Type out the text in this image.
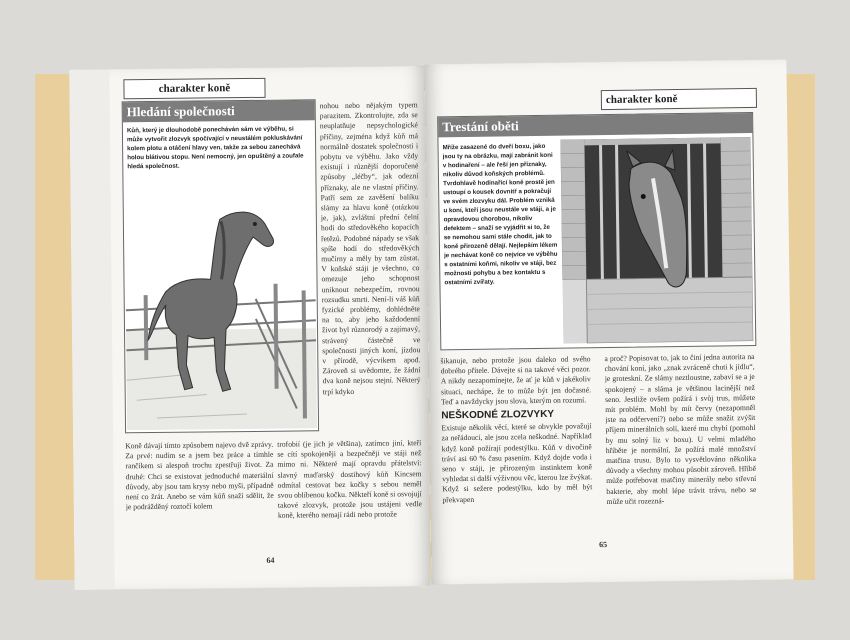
charakter koně
Hledání společnosti
Kůň, který je dlouhodobě ponecháván sám ve výběhu, si může vytvořit zlozvyk spočívající v neustálém pokluskávání kolem plotu a otáčení hlavy ven, takže za sebou zanechává holou blátivou stopu. Není nemocný, jen opuštěný a zoufale hledá společnost.
nohou nebo nějakým typem parazitem. Zkontrolujte, zda se neuplatňuje nepsychologické příčiny, zejména když kůň má normálně dostatek společnosti i pobytu ve výběhu. Jako vždy existují i různější doporučené způsoby „léčby“, jak odezní příznaky, ale ne vlastní příčiny. Patří sem ze zavěšení balíku slámy za hlavu koně (otázkou je, jak), zvláštní přední čelní hodi do středověkého kopacích řetězů. Podobné nápady se však spíše hodí do středověkých mučírny a měly by tam zůstat. V koňské stáji je všechno, co omezuje jeho schopnost uniknout nebezpečím, rovnou rozsudku smrti. Není-li váš kůň fyzické problémy, dohlédněte na to, aby jeho každodenní život byl různorodý a zajímavý, strávený částečně ve společnosti jiných koní, jízdou v přírodě, výcvikem apod. Zároveň si uvědomte, že žádní dva koně nejsou stejní. Některý trpí kdyko
Koně dávají tímto způsobem najevo dvě zprávy. Za prvé: nudím se a jsem bez práce a tímhle rančíkem si alespoň trochu zpestřuji život. Za druhé: Chci se existovat jednoduché materiální důvody, aby jsou tam krysy nebo myši, případně není co žrát. Anebo se vám kůň snaží sdělit, že je podrážděný roztočí kolem
trofobií (je jich je většina), zatímco jiní, kteří se cítí spokojeněji a bezpečněji ve stáji než mimo ni. Některé mají opravdu přátelství: slavný maďarský dostihový kůň Kincsem odmítal cestovat bez kočky s sebou neměl svou oblíbenou kočku. Někteří koně si osvojují takové zlozvyk, protože jsou ustájeni vedle koně, kterého nemají rádi nebo protože
64
charakter koně
Trestání oběti
Mříže zasazené do dveří boxu, jako jsou ty na obrázku, mají zabránit koni v hodinaření – ale řeší jen příznaky, nikoliv důvod koňských problémů. Tvrdohlavě hodinařící koně prostě jen ustoupí o kousek dovnitř a pokračují ve svém zlozvyku dál. Problém vzniká u koní, kteří jsou neustále ve stáji, a je opravdovou chorobou, nikoliv defektem – snaží se vyjádřit si to, že se nemohou sami stále chodit, jak to koně přirozeně dělají. Nejlepším lékem je nechávat koně co nejvíce ve výběhu s ostatními koňmi, nikoliv ve stáji, bez možnosti pohybu a bez kontaktu s ostatními zvířaty.

šikanuje, nebo protože jsou daleko od svého dobrého přítele. Dávejte si na takové věci pozor. A nikdy nezapomínejte, že ať je kůň v jakékoliv situaci, nechápe, že to může být jen dočasné. Teď a navždycky jsou slova, kterým on rozumí.

NEŠKODNÉ ZLOZVYKY

Existuje několik věcí, které se obvykle považují za neřádoucí, ale jsou zcela neškodné. Například když koně požírají podestýlku. Kůň v divočině tráví asi 60 % času pasením. Když dojde voda i seno v stáji, je přirozeným instinktem koně vyhledat si další výživnou věc, kterou lze žvýkat. Když si sežere podestýlku, kdo by měl být překvapen

a proč? Popisovat to, jak to činí jedna autorita na chování koní, jako „znak zvráceně chuti k jídlu“, je groteskní. Ze slámy neztloustne, zabaví se a je spokojený – a sláma je většinou lacinější než seno. Jestliže ovšem požírá i svůj trus, můžete mít problém. Mohl by mít červy (nezapomněl jste na odčervení?) nebo se může snažit zvýšit příjem minerálních solí, které mu chybí (pomohl by mu solný liz v boxu). U velmi mladého hříběte je normální, že požírá malé množství matčina trusu. Bylo to vysvětlováno několika důvody a všechny mohou působit zároveň. Hříbě může potřebovat matčiny minerály nebo střevní bakterie, aby mohl lépe trávit trávu, nebo se může učit rozezná-
65
